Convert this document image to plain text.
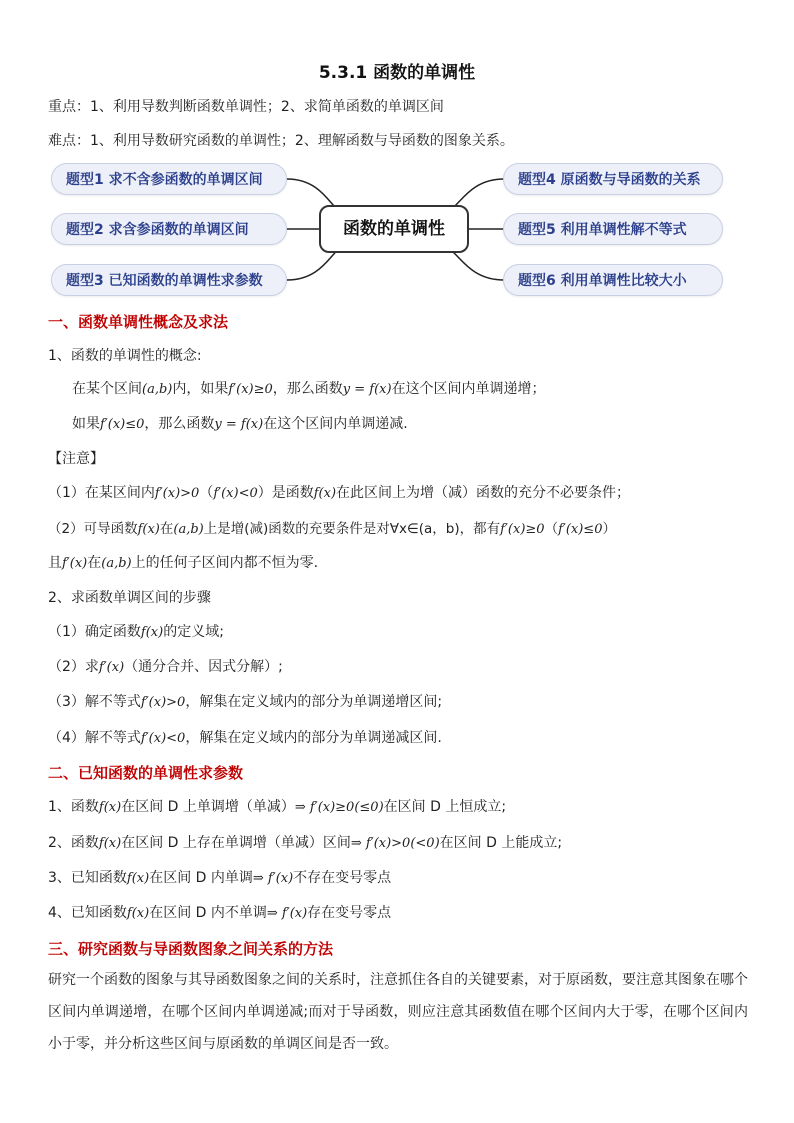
5.3.1 函数的单调性
重点：1、利用导数判断函数单调性；2、求简单函数的单调区间
难点：1、利用导数研究函数的单调性；2、理解函数与导函数的图象关系。
题型1 求不含参函数的单调区间
题型2 求含参函数的单调区间
题型3 已知函数的单调性求参数
函数的单调性
题型4 原函数与导函数的关系
题型5 利用单调性解不等式
题型6 利用单调性比较大小
一、函数单调性概念及求法
1、函数的单调性的概念:
在某个区间(a,b)内，如果f′(x)≥0，那么函数y = f(x)在这个区间内单调递增；
如果f′(x)≤0，那么函数y = f(x)在这个区间内单调递减.
【注意】
（1）在某区间内f′(x)>0（f′(x)<0）是函数f(x)在此区间上为增（减）函数的充分不必要条件；
（2）可导函数f(x)在(a,b)上是增(减)函数的充要条件是对∀x∈(a，b)，都有f′(x)≥0（f′(x)≤0）
且f′(x)在(a,b)上的任何子区间内都不恒为零.
2、求函数单调区间的步骤
（1）确定函数f(x)的定义域;
（2）求f′(x)（通分合并、因式分解）;
（3）解不等式f′(x)>0，解集在定义域内的部分为单调递增区间;
（4）解不等式f′(x)<0，解集在定义域内的部分为单调递减区间.
二、已知函数的单调性求参数
1、函数f(x)在区间 D 上单调增（单减）⇒ f′(x)≥0(≤0)在区间 D 上恒成立;
2、函数f(x)在区间 D 上存在单调增（单减）区间⇒ f′(x)>0(<0)在区间 D 上能成立;
3、已知函数f(x)在区间 D 内单调⇒ f′(x)不存在变号零点
4、已知函数f(x)在区间 D 内不单调⇒ f′(x)存在变号零点
三、研究函数与导函数图象之间关系的方法
研究一个函数的图象与其导函数图象之间的关系时，注意抓住各自的关键要素，对于原函数，要注意其图象在哪个区间内单调递增，在哪个区间内单调递减;而对于导函数，则应注意其函数值在哪个区间内大于零，在哪个区间内小于零，并分析这些区间与原函数的单调区间是否一致。
